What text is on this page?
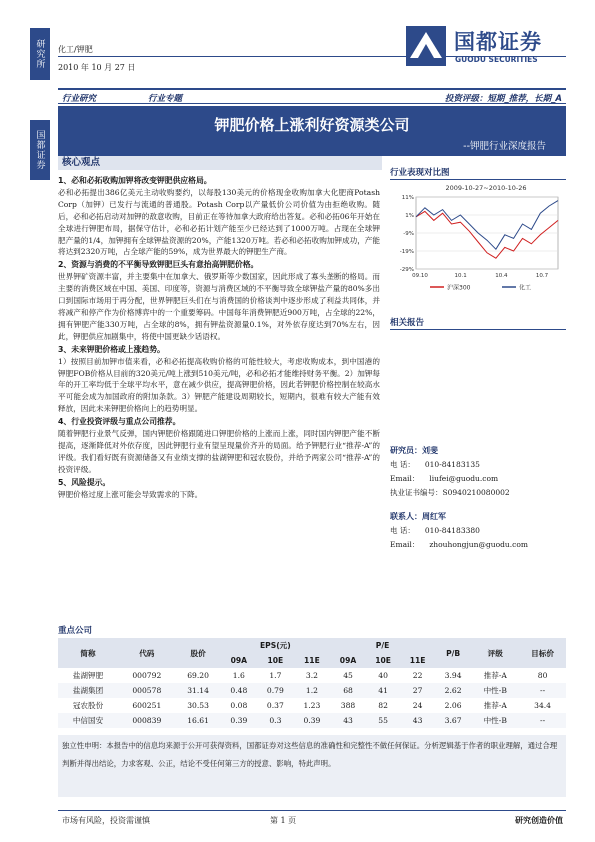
研究所
国都证券
化工/钾肥
2010 年 10 月 27 日
国都证券
GUODU SECURITIES
行业研究	行业专题	投资评级：短期_推荐，长期_A
钾肥价格上涨利好资源类公司
--钾肥行业深度报告
核心观点
1、必和必拓收购加钾将改变钾肥供应格局。

必和必拓提出386亿美元主动收购要约，以每股130美元的价格现金收购加拿大化肥商Potash Corp（加钾）已发行与流通的普通股。Potash Corp以产量低价公司价值为由拒绝收购。随后，必和必拓启动对加钾的敌意收购，目前正在等待加拿大政府给出答复。必和必拓06年开始在全球进行钾肥布局，据保守估计，必和必拓计划产能至少已经达到了1000万吨。占现在全球钾肥产量的1/4，加钾拥有全球钾盐资源的20%，产能1320万吨。若必和必拓收购加钾成功，产能将达到2320万吨，占全球产能的59%，成为世界最大的钾肥生产商。

2、资源与消费的不平衡导致钾肥巨头有意抬高钾肥价格。

世界钾矿资源丰富，并主要集中在加拿大、俄罗斯等少数国家，因此形成了寡头垄断的格局。而主要的消费区域在中国、美国、印度等，资源与消费区域的不平衡导致全球钾盐产量的80%多出口到国际市场用于再分配，世界钾肥巨头们在与消费国的价格谈判中逐步形成了利益共同体，并将减产和停产作为价格博弈中的一个重要筹码。中国每年消费钾肥近900万吨，占全球的22%，拥有钾肥产能330万吨，占全球的8%，拥有钾盐资源量0.1%，对外依存度达到70%左右，因此，钾肥供应加剧集中，将使中国更缺少话语权。

3、未来钾肥价格或上涨趋势。

1）按照目前加钾市值来看，必和必拓提高收购价格的可能性较大，考虑收购成本，到中国港的钾肥FOB价格从目前的320美元/吨上涨到510美元/吨，必和必拓才能维持财务平衡。2）加钾每年的开工率均低于全球平均水平，意在减少供应，提高钾肥价格，因此若钾肥价格控制在较高水平可能会成为加国政府的附加条款。3）钾肥产能建设周期较长，短期内，很难有较大产能有效释放，因此未来钾肥价格向上的趋势明显。

4、行业投资评级与重点公司推荐。

随着钾肥行业景气反弹，国内钾肥价格跟随进口钾肥价格的上涨而上涨，同时国内钾肥产能不断提高，逐渐降低对外依存度，因此钾肥行业有望呈现量价齐升的局面。给予钾肥行业“推荐-A”的评级。我们看好既有资源储备又有业绩支撑的盐湖钾肥和冠农股份，并给予两家公司“推荐-A”的投资评级。

5、风险提示。

钾肥价格过度上涨可能会导致需求的下降。

行业表现对比图
2009-10-27~2010-10-26
11%
1%
-9%
-19%
-29%
09.10	10.1	10.4	10.7
沪深300	化工
相关报告
研究员：刘斐
电 话： 010-84183135
Email： liufei@guodu.com
执业证书编号：S0940210080002
联系人：周红军
电 话： 010-84183380
Email： zhouhongjun@guodu.com
重点公司
简称	代码	股价	EPS(元)			P/E			P/B	评级	目标价
			09A	10E	11E	09A	10E	11E			
盐湖钾肥	000792	69.20	1.6	1.7	3.2	45	40	22	3.94	推荐-A	80
盐湖集团	000578	31.14	0.48	0.79	1.2	68	41	27	2.62	中性-B	--
冠农股份	600251	30.53	0.08	0.37	1.23	388	82	24	2.06	推荐-A	34.4
中信国安	000839	16.61	0.39	0.3	0.39	43	55	43	3.67	中性-B	--
独立性申明：本报告中的信息均来源于公开可获得资料，国都证券对这些信息的准确性和完整性不做任何保证。分析逻辑基于作者的职业理解，通过合理判断并得出结论，力求客观、公正，结论不受任何第三方的授意、影响，特此声明。
市场有风险，投资需谨慎	第 1 页	研究创造价值
